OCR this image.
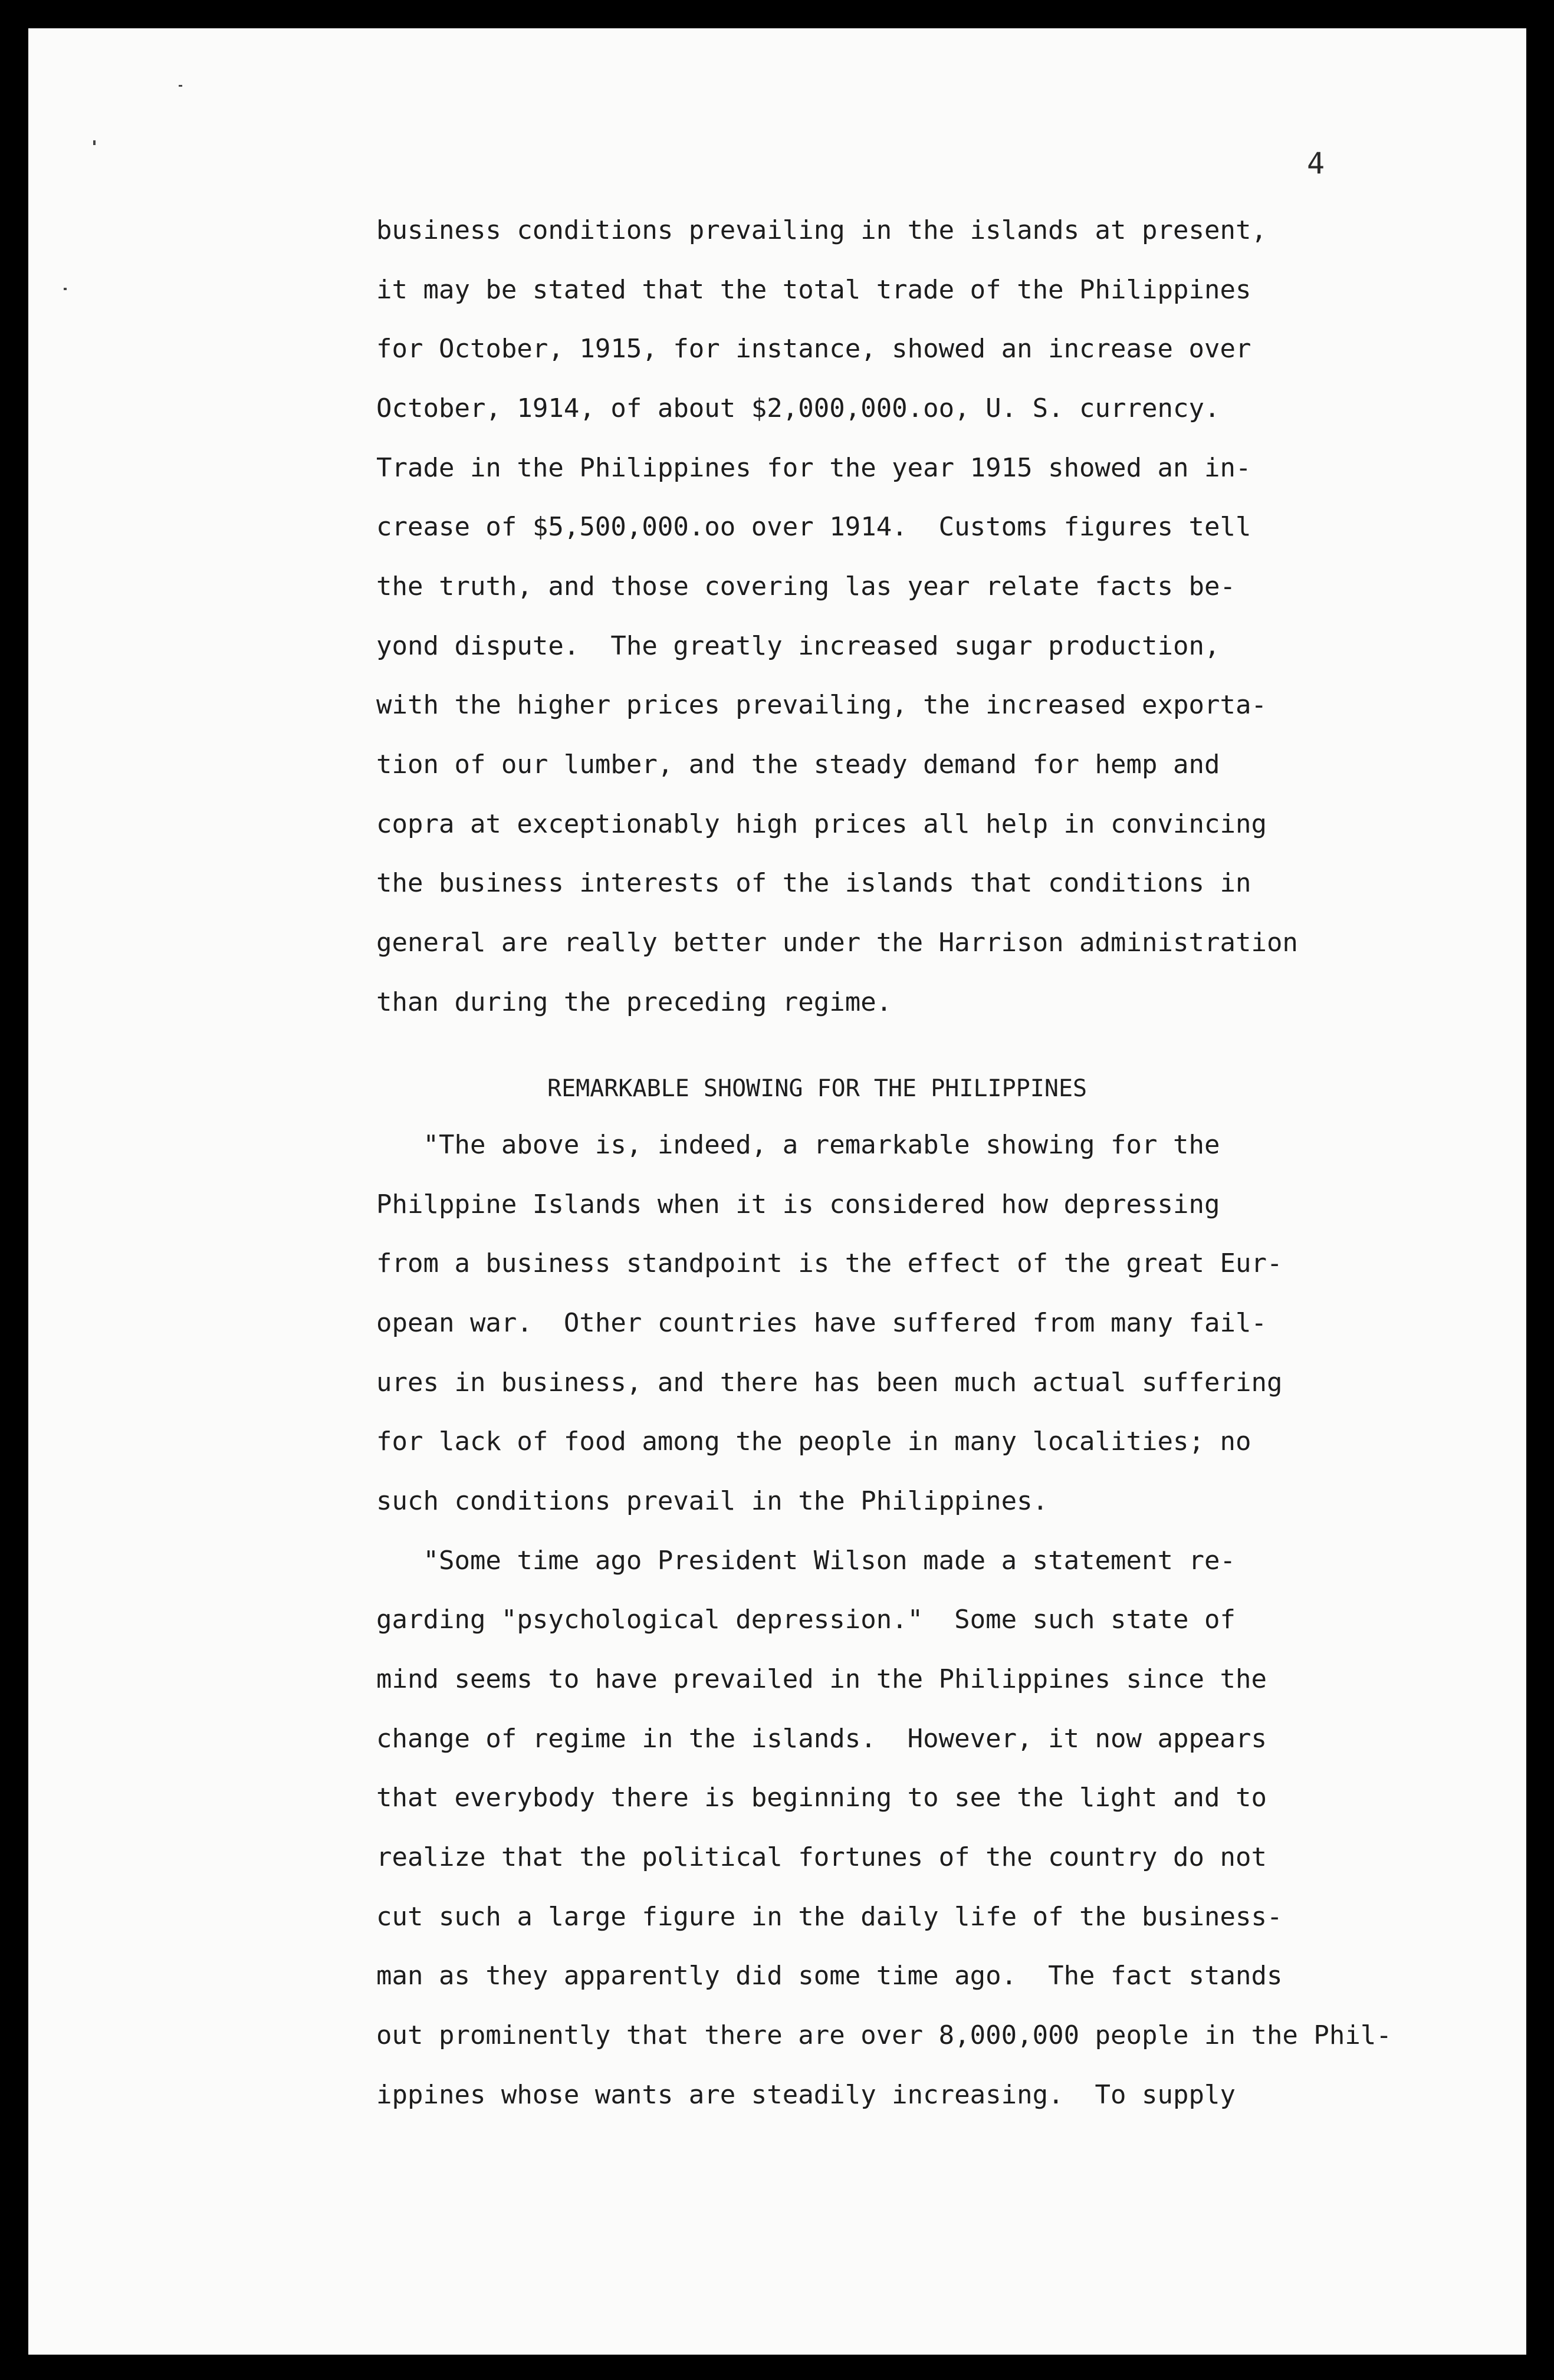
4
business conditions prevailing in the islands at present,
it may be stated that the total trade of the Philippines
for October, 1915, for instance, showed an increase over
October, 1914, of about $2,000,000.oo, U. S. currency.
Trade in the Philippines for the year 1915 showed an in-
crease of $5,500,000.oo over 1914.  Customs figures tell
the truth, and those covering las year relate facts be-
yond dispute.  The greatly increased sugar production,
with the higher prices prevailing, the increased exporta-
tion of our lumber, and the steady demand for hemp and
copra at exceptionably high prices all help in convincing
the business interests of the islands that conditions in
general are really better under the Harrison administration
than during the preceding regime.
REMARKABLE SHOWING FOR THE PHILIPPINES
"The above is, indeed, a remarkable showing for the
Philppine Islands when it is considered how depressing
from a business standpoint is the effect of the great Eur-
opean war.  Other countries have suffered from many fail-
ures in business, and there has been much actual suffering
for lack of food among the people in many localities; no
such conditions prevail in the Philippines.
"Some time ago President Wilson made a statement re-
garding "psychological depression."  Some such state of
mind seems to have prevailed in the Philippines since the
change of regime in the islands.  However, it now appears
that everybody there is beginning to see the light and to
realize that the political fortunes of the country do not
cut such a large figure in the daily life of the business-
man as they apparently did some time ago.  The fact stands
out prominently that there are over 8,000,000 people in the Phil-
ippines whose wants are steadily increasing.  To supply
